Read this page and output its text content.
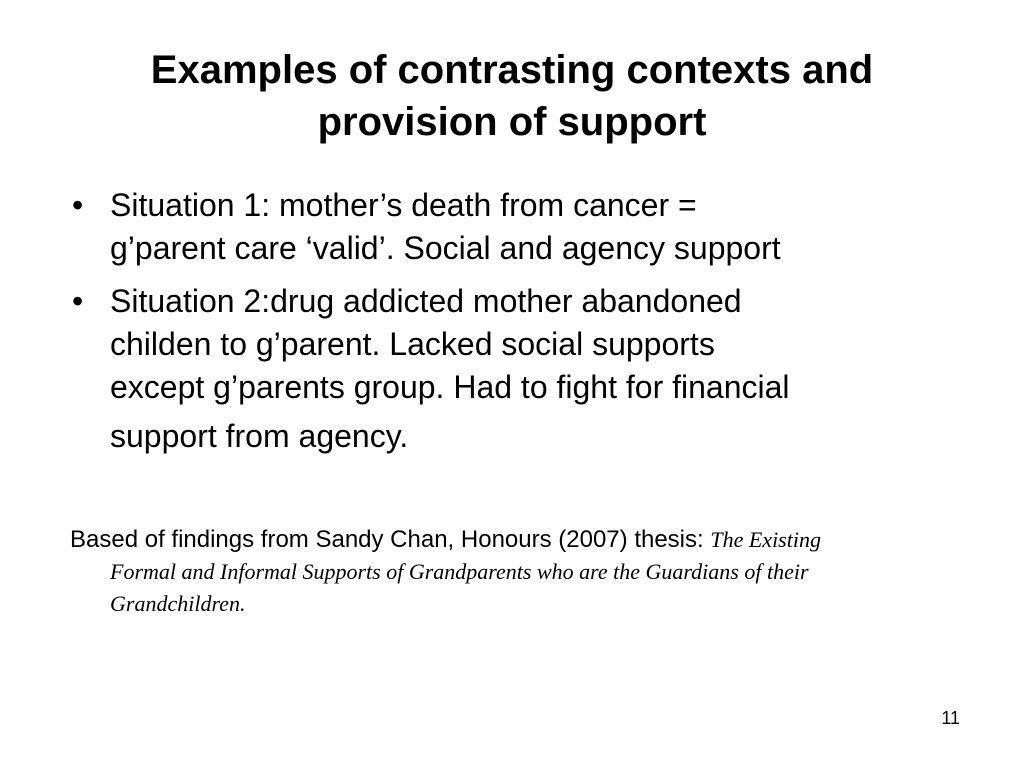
Examples of contrasting contexts and
provision of support
• Situation 1: mother’s death from cancer =
g’parent care ‘valid’. Social and agency support
• Situation 2:drug addicted mother abandoned
childen to g’parent. Lacked social supports
except g’parents group. Had to fight for financial
support from agency.
Based of findings from Sandy Chan, Honours (2007) thesis: The Existing
Formal and Informal Supports of Grandparents who are the Guardians of their
Grandchildren.
11
